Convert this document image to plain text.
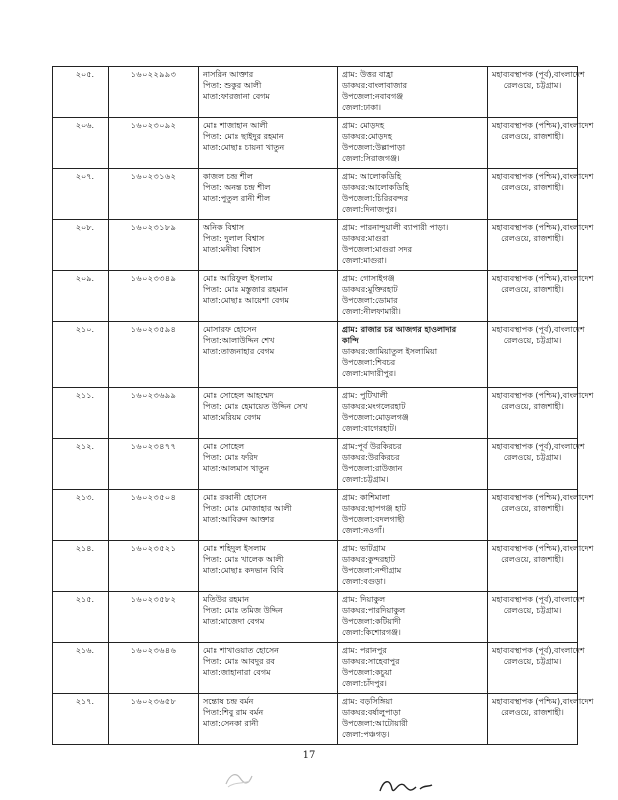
২০৫.	১৬০২২৯৯৩	নাসরিন আক্তার
পিতা: শুকুর আলী
মাতা:ফারজানা বেগম	গ্রাম: উত্তর বাহ্রা
ডাকঘর:বাংলাবাজার
উপজেলা:নবাবগঞ্জ
জেলা:ঢাকা।	মহাব্যবস্থাপক (পূর্ব),বাংলাদেশ
রেলওয়ে, চট্টগ্রাম।

২০৬.	১৬০২৩০৯২	মোঃ শাজাহান আলী
পিতা: মোঃ ছাইদুর রহমান
মাতা:মোছাঃ চায়না খাতুন	গ্রাম: মোড়দহ
ডাকঘর:মোড়দহ
উপজেলা:উল্লাপাড়া
জেলা:সিরাজগঞ্জ।	মহাব্যবস্থাপক (পশ্চিম),বাংলাদেশ
রেলওয়ে, রাজশাহী।

২০৭.	১৬০২৩১৬২	কাজল চন্দ্র শীল
পিতা: অনন্ত চন্দ্র শীল
মাতা:পুতুল রানী শীল	গ্রাম: আলোকডিহি
ডাকঘর:আলোকডিহি
উপজেলা:চিরিরবন্দর
জেলা:দিনাজপুর।	মহাব্যবস্থাপক (পশ্চিম),বাংলাদেশ
রেলওয়ে, রাজশাহী।

২০৮.	১৬০২৩১৮৯	অনিক বিশ্বাস
পিতা: দুলাল বিশ্বাস
মাতা:মনীষা বিশ্বাস	গ্রাম: পারনান্দুয়ালী ব্যাপারী পাড়া।
ডাকঘর:মাগুরা
উপজেলা:মাগুরা সদর
জেলা:মাগুরা।	মহাব্যবস্থাপক (পশ্চিম),বাংলাদেশ
রেলওয়ে, রাজশাহী।

২০৯.	১৬০২৩৩৪৯	মোঃ আরিফুল ইসলাম
পিতা: মোঃ মস্তুজার রহমান
মাতা:মোছাঃ আয়েশা বেগম	গ্রাম: গোসাইগঞ্জ
ডাকঘর:মুক্তিরহাট
উপজেলা:ডোমার
জেলা:নীলফামারী।	মহাব্যবস্থাপক (পশ্চিম),বাংলাদেশ
রেলওয়ে, রাজশাহী।

২১০.	১৬০২৩৫৯৪	মোসারফ হোসেন
পিতা:আলাউদ্দিন শেখ
মাতা:তাজনাহার বেগম	গ্রাম: রাজার চর আজগর হাওলাদার
কান্দি
ডাকঘর:জামিয়াতুল ইসলামিয়া
উপজেলা:শিবচর
জেলা:মাদারীপুর।	মহাব্যবস্থাপক (পূর্ব),বাংলাদেশ
রেলওয়ে, চট্টগ্রাম।

২১১.	১৬০২৩৬৯৯	মোঃ সোহেল আহম্মেদ
পিতা: মোঃ হেমায়েত উদ্দিন সেখ
মাতা:মরিয়ম বেগম	গ্রাম: পুটিখালী
ডাকঘর:মংগলেরহাট
উপজেলা:মোড়লগঞ্জ
জেলা:বাগেরহাট।	মহাব্যবস্থাপক (পশ্চিম),বাংলাদেশ
রেলওয়ে, রাজশাহী।

২১২.	১৬০২৩৪৭৭	মোঃ সোহেল
পিতা: মোঃ ফরিদ
মাতা:আলমাস খাতুন	গ্রাম:পূর্ব উরকিরচর
ডাকঘর:উরকিরচর
উপজেলা:রাউজান
জেলা:চট্টগ্রাম।	মহাব্যবস্থাপক (পূর্ব),বাংলাদেশ
রেলওয়ে, চট্টগ্রাম।

২১৩.	১৬০২৩৫০৪	মোঃ রব্বানী হোসেন
পিতা: মোঃ মোজাহার আলী
মাতা:আবিরুন আক্তার	গ্রাম: কাশিমালা
ডাকঘর:ছাপগঞ্জ হাট
উপজেলা:বদলগাছী
জেলা:নওগাঁ।	মহাব্যবস্থাপক (পশ্চিম),বাংলাদেশ
রেলওয়ে, রাজশাহী।

২১৪.	১৬০২৩৫২১	মোঃ শহিদুল ইসলাম
পিতা: মোঃ খালেক আলী
মাতা:মোছাঃ কদভান বিবি	গ্রাম: ভাটগ্রাম
ডাকঘর:কুন্দরহাট
উপজেলা:নন্দীগ্রাম
জেলা:বগুড়া।	মহাব্যবস্থাপক (পশ্চিম),বাংলাদেশ
রেলওয়ে, রাজশাহী।

২১৫.	১৬০২৩৫৮২	মতিউর রহমান
পিতা: মোঃ তমিজ উদ্দিন
মাতা:মাজেদা বেগম	গ্রাম: দিয়াকুল
ডাকঘর:পারদিয়াকুল
উপজেলা:কটিয়াদী
জেলা:কিশোরগঞ্জ।	মহাব্যবস্থাপক (পূর্ব),বাংলাদেশ
রেলওয়ে, চট্টগ্রাম।

২১৬.	১৬০২৩৬৪৬	মোঃ শাখাওয়াত হোসেন
পিতা: মোঃ আবদুর রব
মাতা:জাহানারা বেগম	গ্রাম: পরানপুর
ডাকঘর:সাহেবাপুর
উপজেলা:কচুয়া
জেলা:চাঁদপুর।	মহাব্যবস্থাপক (পূর্ব),বাংলাদেশ
রেলওয়ে, চট্টগ্রাম।

২১৭.	১৬০২৩৬৫৮	সন্তোষ চন্দ্র বর্মন
পিতা:শিবু রাম বর্মন
মাতা:সেনকা রানী	গ্রাম: বড়সিঙ্গিয়া
ডাকঘর:বর্ষালুপাড়া
উপজেলা:আটোয়ারী
জেলা:পঞ্চগড়।	মহাব্যবস্থাপক (পশ্চিম),বাংলাদেশ
রেলওয়ে, রাজশাহী।
17
